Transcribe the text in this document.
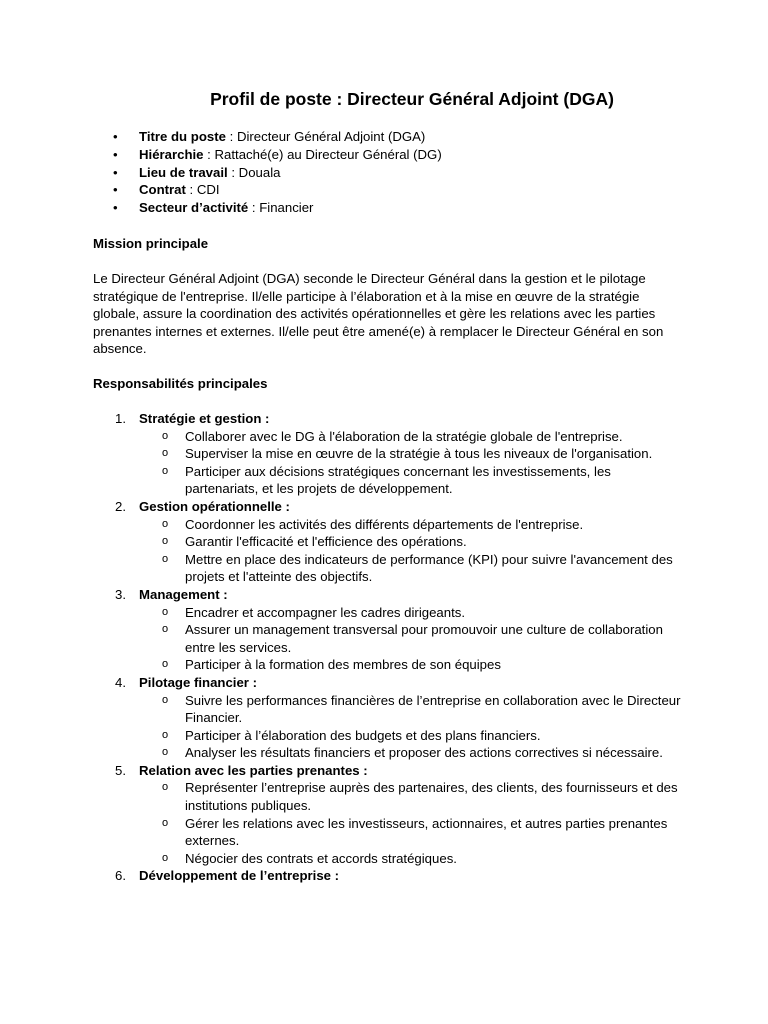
Profil de poste : Directeur Général Adjoint (DGA)
• Titre du poste : Directeur Général Adjoint (DGA)
• Hiérarchie : Rattaché(e) au Directeur Général (DG)
• Lieu de travail : Douala
• Contrat : CDI
• Secteur d’activité : Financier

Mission principale

Le Directeur Général Adjoint (DGA) seconde le Directeur Général dans la gestion et le pilotage stratégique de l'entreprise. Il/elle participe à l’élaboration et à la mise en œuvre de la stratégie globale, assure la coordination des activités opérationnelles et gère les relations avec les parties prenantes internes et externes. Il/elle peut être amené(e) à remplacer le Directeur Général en son absence.

Responsabilités principales

1. Stratégie et gestion :
o Collaborer avec le DG à l'élaboration de la stratégie globale de l'entreprise.
o Superviser la mise en œuvre de la stratégie à tous les niveaux de l'organisation.
o Participer aux décisions stratégiques concernant les investissements, les partenariats, et les projets de développement.
2. Gestion opérationnelle :
o Coordonner les activités des différents départements de l'entreprise.
o Garantir l'efficacité et l'efficience des opérations.
o Mettre en place des indicateurs de performance (KPI) pour suivre l'avancement des projets et l'atteinte des objectifs.
3. Management :
o Encadrer et accompagner les cadres dirigeants.
o Assurer un management transversal pour promouvoir une culture de collaboration entre les services.
o Participer à la formation des membres de son équipes
4. Pilotage financier :
o Suivre les performances financières de l’entreprise en collaboration avec le Directeur Financier.
o Participer à l’élaboration des budgets et des plans financiers.
o Analyser les résultats financiers et proposer des actions correctives si nécessaire.
5. Relation avec les parties prenantes :
o Représenter l’entreprise auprès des partenaires, des clients, des fournisseurs et des institutions publiques.
o Gérer les relations avec les investisseurs, actionnaires, et autres parties prenantes externes.
o Négocier des contrats et accords stratégiques.
6. Développement de l’entreprise :
